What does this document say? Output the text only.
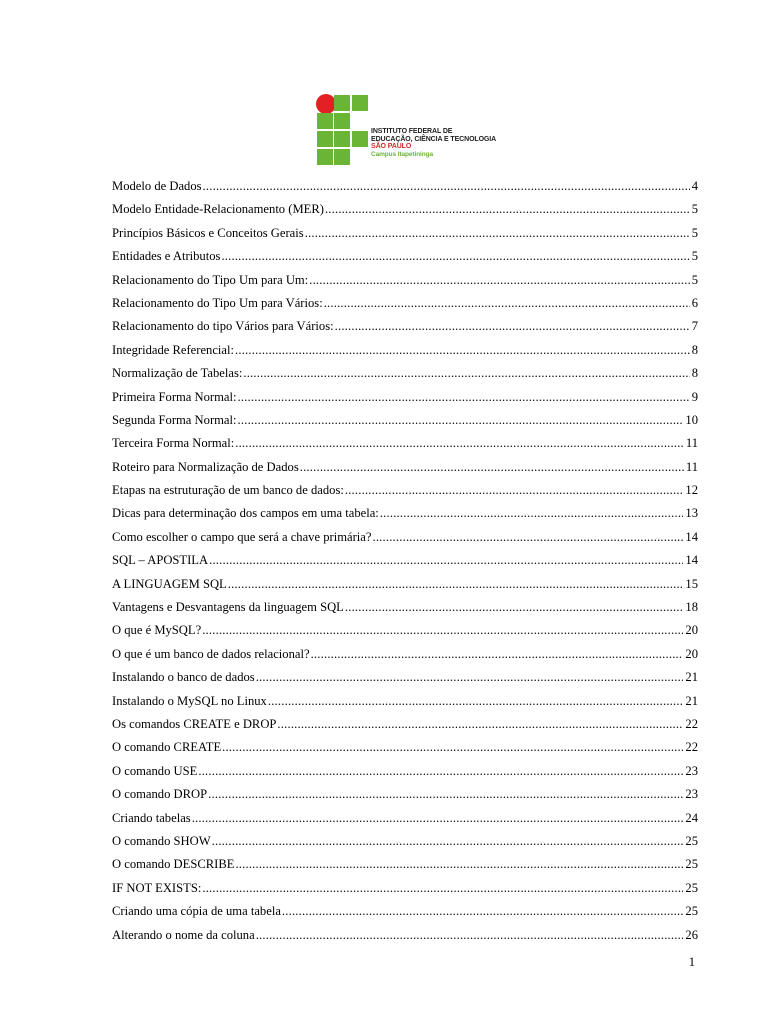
INSTITUTO FEDERAL DE
EDUCAÇÃO, CIÊNCIA E TECNOLOGIA
SÃO PAULO
Campus Itapetininga
Modelo de Dados .....	4
Modelo Entidade-Relacionamento (MER) .....	5
Princípios Básicos e Conceitos Gerais .....	5
Entidades e Atributos .....	5
Relacionamento do Tipo Um para Um: .....	5
Relacionamento do Tipo Um para Vários: .....	6
Relacionamento do tipo Vários para Vários: .....	7
Integridade Referencial: .....	8
Normalização de Tabelas: .....	8
Primeira Forma Normal: .....	9
Segunda Forma Normal: .....	10
Terceira Forma Normal: .....	11
Roteiro para Normalização de Dados .....	11
Etapas na estruturação de um banco de dados: .....	12
Dicas para determinação dos campos em uma tabela: .....	13
Como escolher o campo que será a chave primária? .....	14
SQL – APOSTILA .....	14
A LINGUAGEM SQL .....	15
Vantagens e Desvantagens da linguagem SQL .....	18
O que é MySQL? .....	20
O que é um banco de dados relacional? .....	20
Instalando o banco de dados .....	21
Instalando o MySQL no Linux .....	21
Os comandos CREATE e DROP .....	22
O comando CREATE .....	22
O comando USE .....	23
O comando DROP .....	23
Criando tabelas .....	24
O comando SHOW .....	25
O comando DESCRIBE .....	25
IF NOT EXISTS: .....	25
Criando uma cópia de uma tabela .....	25
Alterando o nome da coluna .....	26
1
